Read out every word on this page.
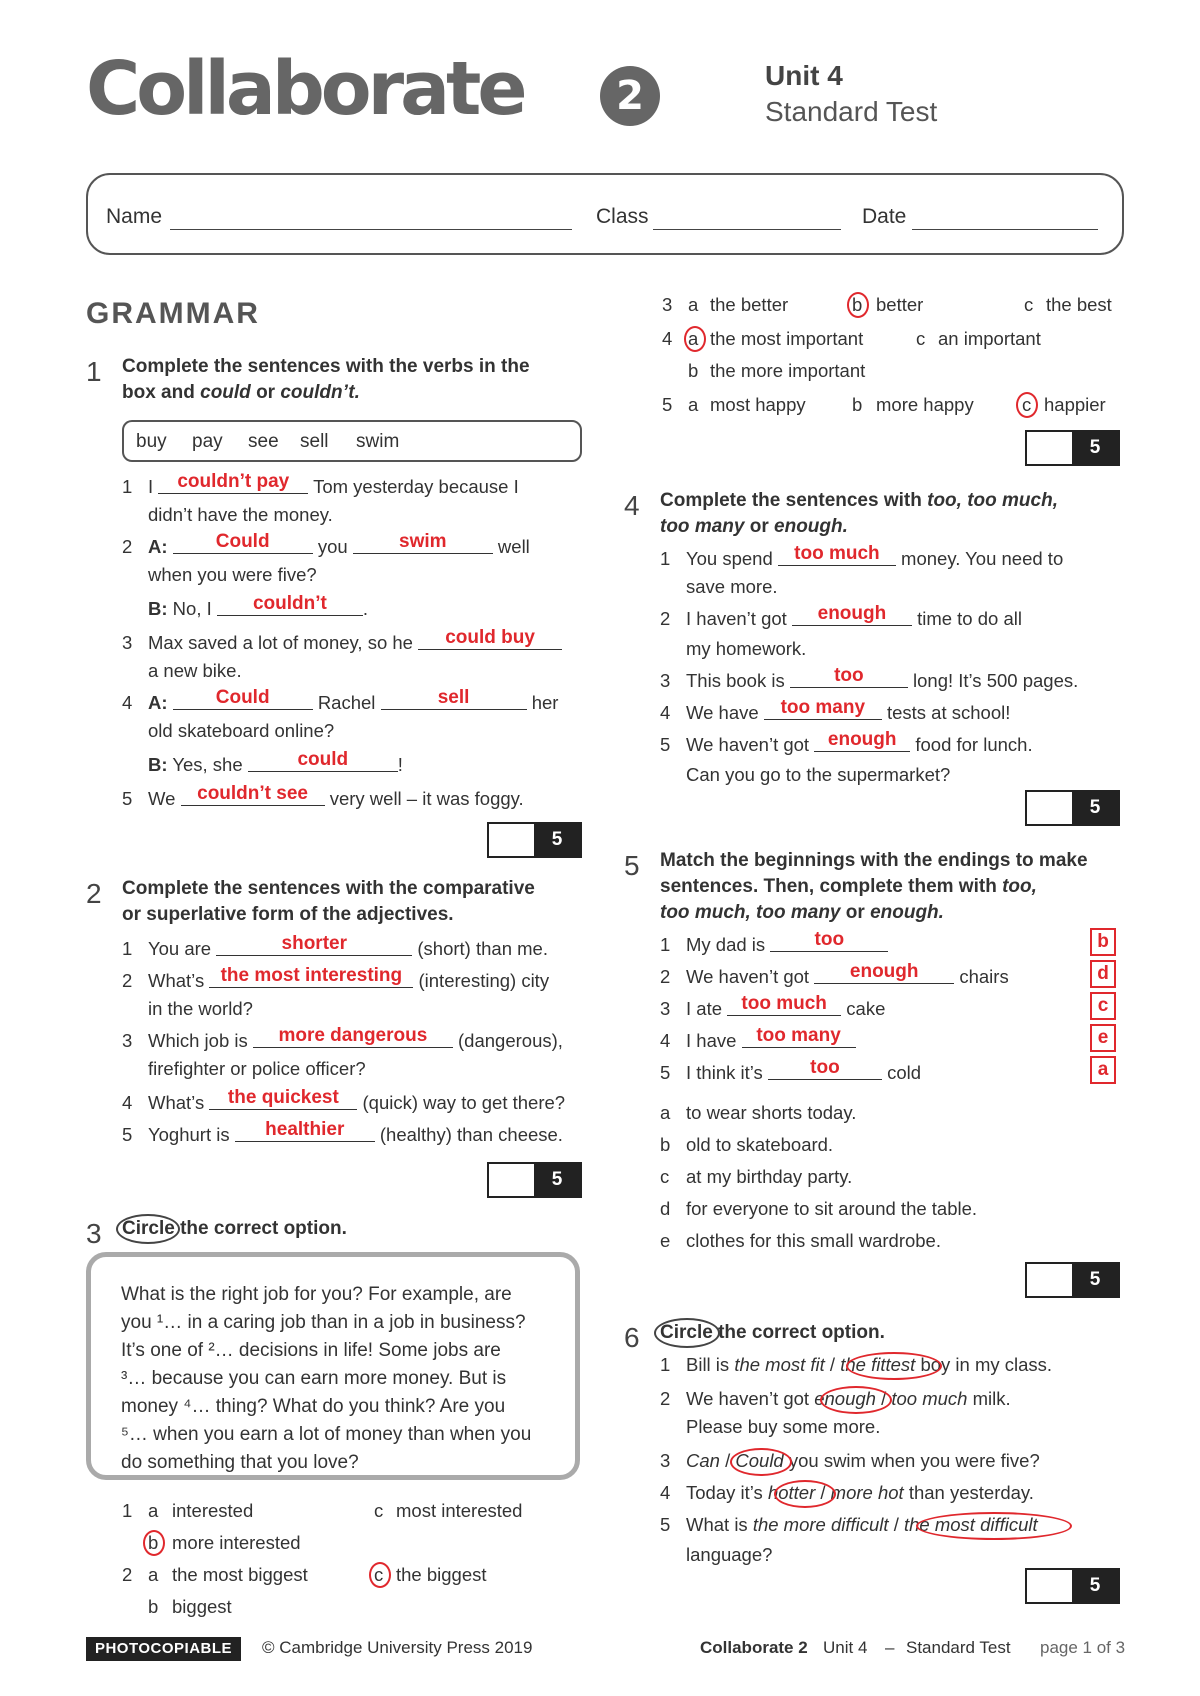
Collaborate	2	Unit 4
Standard Test
Name	Class	Date
GRAMMAR
1 Complete the sentences with the verbs in the
box and could or couldn’t.
buy pay see sell swim
1 I couldn’t pay Tom yesterday because I
didn’t have the money.
2 A:	Could	you	swim	well
when you were five?
B: No, I couldn’t .
3 Max saved a lot of money, so he could buy
a new bike.
4 A:	Could	Rachel	sell	her
old skateboard online?
B: Yes, she	could	!
5 We couldn’t see very well – it was foggy.
5
2 Complete the sentences with the comparative
or superlative form of the adjectives.
1 You are	shorter	(short) than me.
2 What’s the most interesting (interesting) city
in the world?
3 Which job is more dangerous (dangerous),
firefighter or police officer?
4 What’s the quickest (quick) way to get there?
5 Yoghurt is healthier (healthy) than cheese.
5
3 Circle the correct option.
What is the right job for you? For example, are
you ¹… in a caring job than in a job in business?
It’s one of ²… decisions in life! Some jobs are
³… because you can earn more money. But is
money ⁴… thing? What do you think? Are you
⁵… when you earn a lot of money than when you
do something that you love?
1 a interested	c most interested
b more interested
2 a the most biggest	c the biggest
b biggest
3 a the better	b better	c the best
4 a the most important	c an important
b the more important
5 a most happy	b more happy	c happier
5
4 Complete the sentences with too, too much,
too many or enough.
1 You spend too much money. You need to
save more.
2 I haven’t got enough time to do all
my homework.
3 This book is	too	long! It’s 500 pages.
4 We have too many tests at school!
5 We haven’t got enough food for lunch.
Can you go to the supermarket?
5
5 Match the beginnings with the endings to make
sentences. Then, complete them with too,
too much, too many or enough.
1 My dad is	too	b
2 We haven’t got enough chairs	d
3 I ate too much cake	c
4 I have too many	e
5 I think it’s too	cold	a
a to wear shorts today.
b old to skateboard.
c at my birthday party.
d for everyone to sit around the table.
e clothes for this small wardrobe.
5
6 Circle the correct option.
1 Bill is the most fit / the fittest boy in my class.
2 We haven’t got enough / too much milk.
Please buy some more.
3 Can / Could you swim when you were five?
4 Today it’s hotter / more hot than yesterday.
5 What is the more difficult / the most difficult
language?
5
PHOTOCOPIABLE	© Cambridge University Press 2019	Collaborate 2 Unit 4 – Standard Test page 1 of 3
